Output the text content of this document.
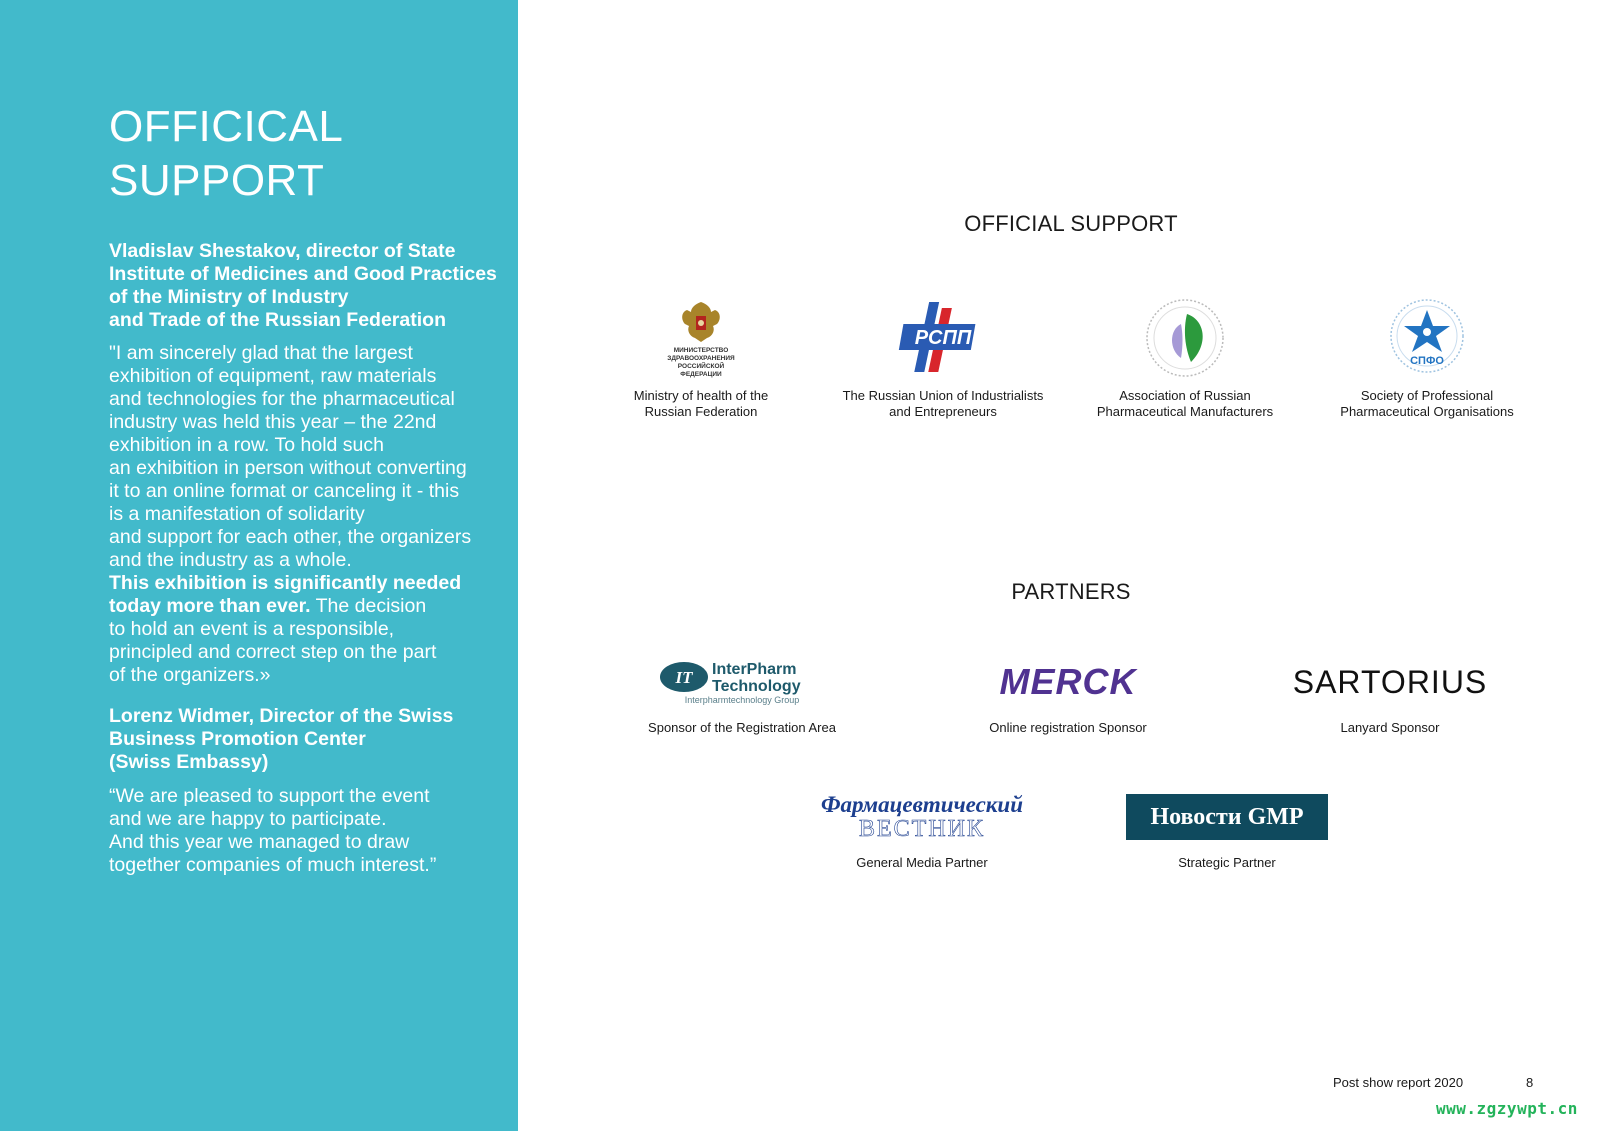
OFFICICAL
SUPPORT
Vladislav Shestakov, director of State
Institute of Medicines and Good Practices
of the Ministry of Industry
and Trade of the Russian Federation
"I am sincerely glad that the largest
exhibition of equipment, raw materials
and technologies for the pharmaceutical
industry was held this year – the 22nd
exhibition in a row. To hold such
an exhibition in person without converting
it to an online format or canceling it - this
is a manifestation of solidarity
and support for each other, the organizers
and the industry as a whole.
This exhibition is significantly needed
today more than ever. The decision
to hold an event is a responsible,
principled and correct step on the part
of the organizers.»
Lorenz Widmer, Director of the Swiss
Business Promotion Center
(Swiss Embassy)
“We are pleased to support the event
and we are happy to participate.
And this year we managed to draw
together companies of much interest.”
OFFICIAL SUPPORT
МИНИСТЕРСТВО
ЗДРАВООХРАНЕНИЯ
РОССИЙСКОЙ
ФЕДЕРАЦИИ
Ministry of health of the
Russian Federation
РСПП
The Russian Union of Industrialists
and Entrepreneurs
Association of Russian
Pharmaceutical Manufacturers
СПФО
Society of Professional
Pharmaceutical Organisations
PARTNERS
IT InterPharm
Technology
Interpharmtechnology Group
Sponsor of the Registration Area
MERCK
Online registration Sponsor
SARTORIUS
Lanyard Sponsor
Фармацевтический
ВЕСТНИК
General Media Partner
Новости GMP
Strategic Partner
Post show report 2020	8
www.zgzywpt.cn
